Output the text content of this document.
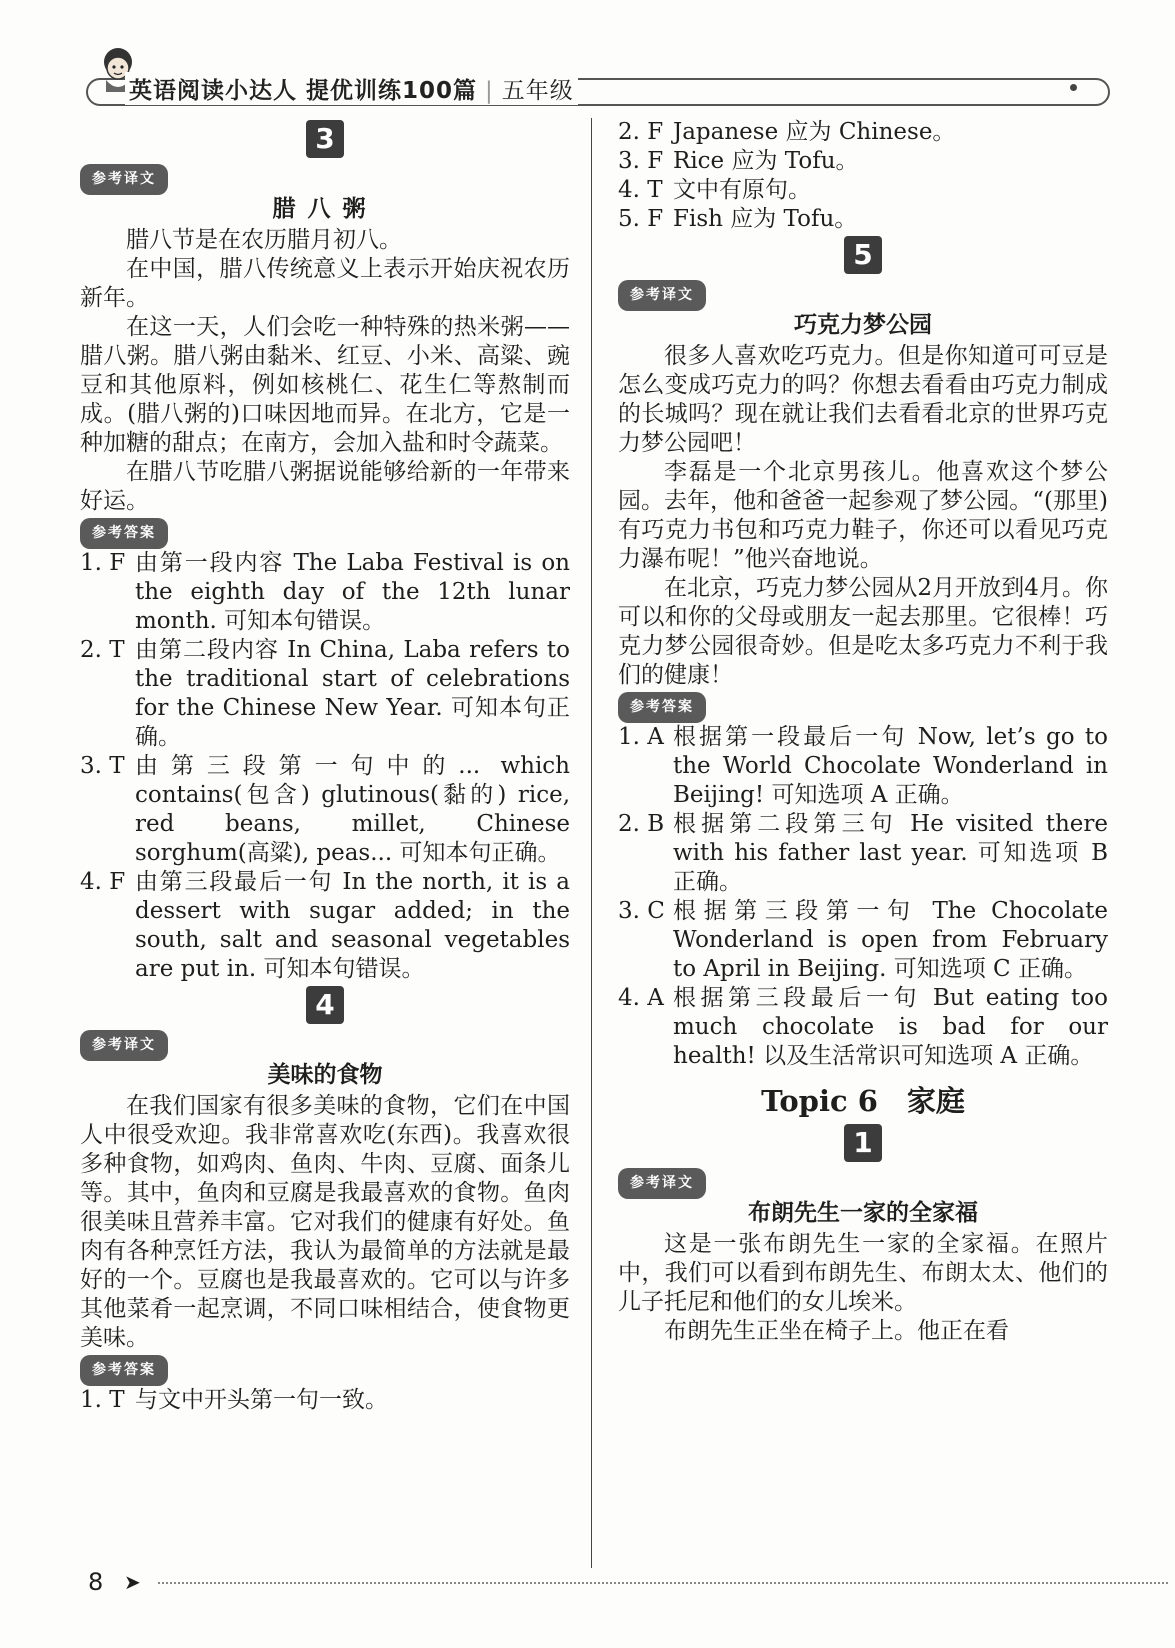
英语阅读小达人 提优训练100篇 | 五年级
3
参考译文
腊八粥

腊八节是在农历腊月初八。

在中国，腊八传统意义上表示开始庆祝农历新年。

在这一天，人们会吃一种特殊的热米粥——腊八粥。腊八粥由黏米、红豆、小米、高粱、豌豆和其他原料，例如核桃仁、花生仁等熬制而成。(腊八粥的)口味因地而异。在北方，它是一种加糖的甜点；在南方，会加入盐和时令蔬菜。

在腊八节吃腊八粥据说能够给新的一年带来好运。

参考答案
1. F 由第一段内容 The Laba Festival is on the eighth day of the 12th lunar month. 可知本句错误。
2. T 由第二段内容 In China, Laba refers to the traditional start of celebrations for the Chinese New Year. 可知本句正确。
3. T 由第三段第一句中的... which contains(包含) glutinous(黏的) rice, red beans, millet, Chinese sorghum(高粱), peas... 可知本句正确。
4. F 由第三段最后一句 In the north, it is a dessert with sugar added; in the south, salt and seasonal vegetables are put in. 可知本句错误。
4
参考译文
美味的食物

在我们国家有很多美味的食物，它们在中国人中很受欢迎。我非常喜欢吃(东西)。我喜欢很多种食物，如鸡肉、鱼肉、牛肉、豆腐、面条儿等。其中，鱼肉和豆腐是我最喜欢的食物。鱼肉很美味且营养丰富。它对我们的健康有好处。鱼肉有各种烹饪方法，我认为最简单的方法就是最好的一个。豆腐也是我最喜欢的。它可以与许多其他菜肴一起烹调，不同口味相结合，使食物更美味。

参考答案
1. T 与文中开头第一句一致。
2. F Japanese 应为 Chinese。
3. F Rice 应为 Tofu。
4. T 文中有原句。
5. F Fish 应为 Tofu。
5
参考译文
巧克力梦公园

很多人喜欢吃巧克力。但是你知道可可豆是怎么变成巧克力的吗？你想去看看由巧克力制成的长城吗？现在就让我们去看看北京的世界巧克力梦公园吧！

李磊是一个北京男孩儿。他喜欢这个梦公园。去年，他和爸爸一起参观了梦公园。“(那里)有巧克力书包和巧克力鞋子，你还可以看见巧克力瀑布呢！”他兴奋地说。

在北京，巧克力梦公园从2月开放到4月。你可以和你的父母或朋友一起去那里。它很棒！巧克力梦公园很奇妙。但是吃太多巧克力不利于我们的健康！

参考答案
1. A 根据第一段最后一句 Now, let’s go to the World Chocolate Wonderland in Beijing! 可知选项 A 正确。
2. B 根据第二段第三句 He visited there with his father last year. 可知选项 B 正确。
3. C 根据第三段第一句 The Chocolate Wonderland is open from February to April in Beijing. 可知选项 C 正确。
4. A 根据第三段最后一句 But eating too much chocolate is bad for our health! 以及生活常识可知选项 A 正确。
Topic 6　家庭
1
参考译文
布朗先生一家的全家福

这是一张布朗先生一家的全家福。在照片中，我们可以看到布朗先生、布朗太太、他们的儿子托尼和他们的女儿埃米。

布朗先生正坐在椅子上。他正在看

8 ➤
